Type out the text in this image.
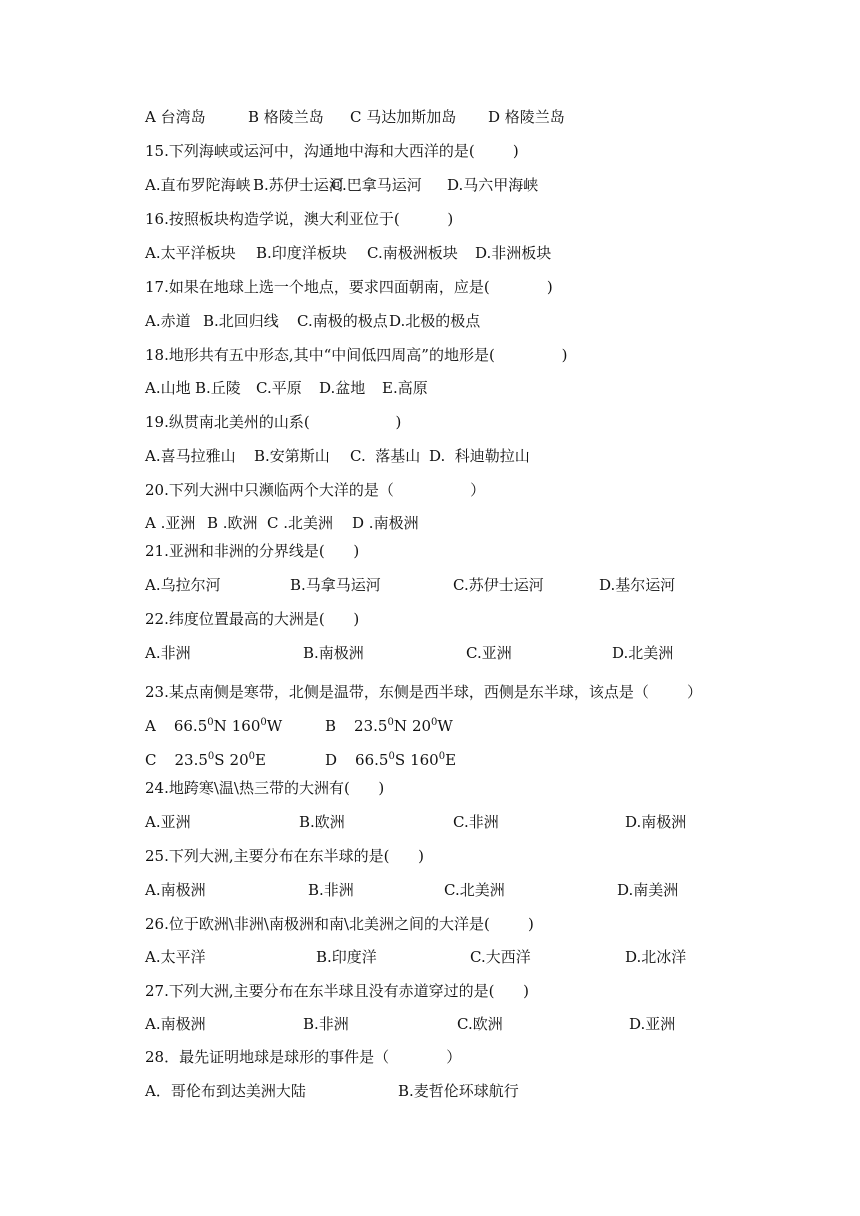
A 台湾岛	B 格陵兰岛 C 马达加斯加岛 D 格陵兰岛
15.下列海峡或运河中，沟通地中海和大西洋的是(        )
A.直布罗陀海峡 B.苏伊士运河
C.巴拿马运河 D.马六甲海峡
16.按照板块构造学说，澳大利亚位于(          )
A.太平洋板块 B.印度洋板块 C.南极洲板块 D.非洲板块
17.如果在地球上选一个地点，要求四面朝南，应是(            )
A.赤道 B.北回归线 C.南极的极点 D.北极的极点
18.地形共有五中形态,其中“中间低四周高”的地形是(              )
A.山地 B.丘陵 C.平原 D.盆地 E.高原
19.纵贯南北美州的山系(                  )
A.喜马拉雅山 B.安第斯山 C.  落基山 D.  科迪勒拉山
20.下列大洲中只濒临两个大洋的是（                ）
A .亚洲 B .欧洲 C .北美洲 D .南极洲
21.亚洲和非洲的分界线是(      )
A.乌拉尔河	B.马拿马运河	C.苏伊士运河	D.基尔运河
22.纬度位置最高的大洲是(      )
A.非洲	B.南极洲	C.亚洲	D.北美洲
23.某点南侧是寒带，北侧是温带，东侧是西半球，西侧是东半球，该点是（        ）
A 66.5$^0$N $160^0W$	B 23.5$^0$N $20^0W$
C 23.5$^0$S $20^0E$	D 66.5$^0$S $160^0E$
24.地跨寒\温\热三带的大洲有(      )
A.亚洲	B.欧洲	C.非洲	D.南极洲
25.下列大洲,主要分布在东半球的是(      )
A.南极洲	B.非洲	C.北美洲	D.南美洲
26.位于欧洲\非洲\南极洲和南\北美洲之间的大洋是(        )
A.太平洋	B.印度洋	C.大西洋	D.北冰洋
27.下列大洲,主要分布在东半球且没有赤道穿过的是(      )
A.南极洲	B.非洲	C.欧洲	D.亚洲
28．最先证明地球是球形的事件是（            ）
A．哥伦布到达美洲大陆	B.麦哲伦环球航行
